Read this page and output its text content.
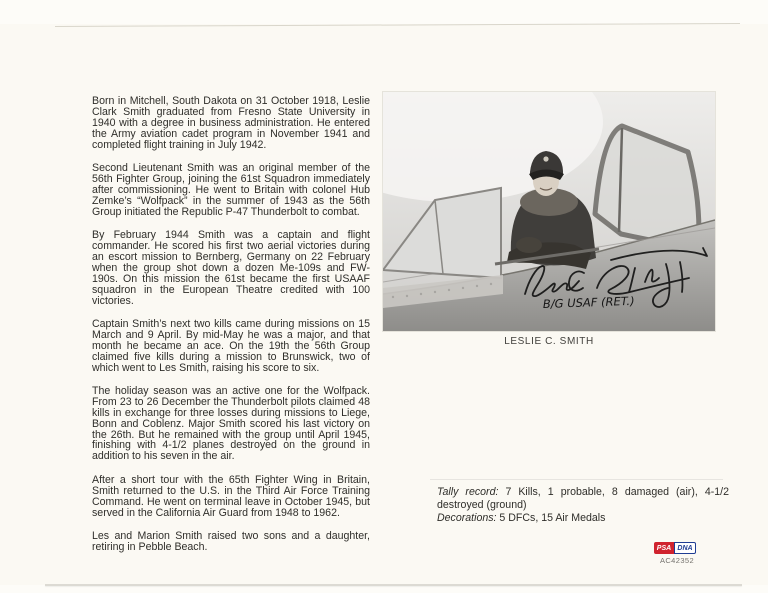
Born in Mitchell, South Dakota on 31 October 1918, Leslie Clark Smith graduated from Fresno State University in 1940 with a degree in business administration. He entered the Army aviation cadet program in November 1941 and completed flight training in July 1942.

Second Lieutenant Smith was an original member of the 56th Fighter Group, joining the 61st Squadron immediately after commissioning. He went to Britain with colonel Hub Zemke’s “Wolfpack” in the summer of 1943 as the 56th Group initiated the Republic P-47 Thunderbolt to combat.

By February 1944 Smith was a captain and flight commander. He scored his first two aerial victories during an escort mission to Bernberg, Germany on 22 February when the group shot down a dozen Me-109s and FW-190s. On this mission the 61st became the first USAAF squadron in the European Theatre credited with 100 victories.

Captain Smith’s next two kills came during missions on 15 March and 9 April. By mid-May he was a major, and that month he became an ace. On the 19th the 56th Group claimed five kills during a mission to Brunswick, two of which went to Les Smith, raising his score to six.

The holiday season was an active one for the Wolfpack. From 23 to 26 December the Thunderbolt pilots claimed 48 kills in exchange for three losses during missions to Liege, Bonn and Coblenz. Major Smith scored his last victory on the 26th. But he remained with the group until April 1945, finishing with 4-1/2 planes destroyed on the ground in addition to his seven in the air.

After a short tour with the 65th Fighter Wing in Britain, Smith returned to the U.S. in the Third Air Force Training Command. He went on terminal leave in October 1945, but served in the California Air Guard from 1948 to 1962.

Les and Marion Smith raised two sons and a daughter, retiring in Pebble Beach.

B/G USAF (RET.)
LESLIE C. SMITH

Tally record: 7 Kills, 1 probable, 8 damaged (air), 4-1/2 destroyed (ground)

Decorations: 5 DFCs, 15 Air Medals

PSA DNA
AC42352
